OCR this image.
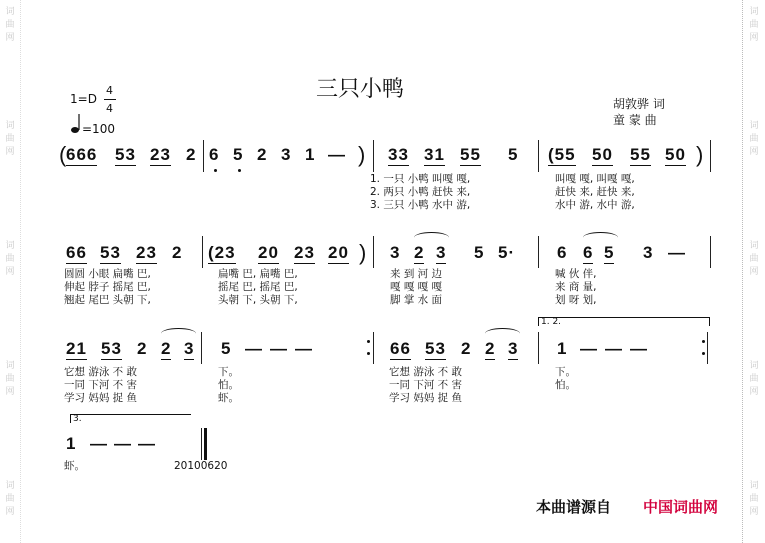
词曲网
词曲网
词曲网
词曲网
词曲网
词曲网
词曲网
词曲网
词曲网
词曲网
三只小鸭
1=D
4
4
=100
胡敦骅 词
童 蒙 曲
( 666 53 23 2 6 5 2 3 1 — ) 33 31 55 5 (55 50 55 50 )
1. 一只 小鸭 叫嘎 嘎,
2. 两只 小鸭 赶快 来,
3. 三只 小鸭 水中 游,
叫嘎 嘎, 叫嘎 嘎,
赶快 来, 赶快 来,
水中 游, 水中 游,
66 53 23 2 (23 20 23 20 ) 3 2 3 5 5· 6 6 5 3 —
圆圆 小眼 扁嘴 巴,
伸起 脖子 摇尾 巴,
翘起 尾巴 头朝 下,
扁嘴 巴, 扁嘴 巴,
摇尾 巴, 摇尾 巴,
头朝 下, 头朝 下,
来 到 河 边
嘎 嘎 嘎 嘎
脚 掌 水 面
喊 伙 伴,
来 商 量,
划 呀 划,
1. 2.
21 53 2 2 3 5 — — —	66 53 2 2 3 1 — — —
它想 游泳 不 敢
一同 下河 不 害
学习 妈妈 捉 鱼
下。
怕。
虾。
它想 游泳 不 敢
一同 下河 不 害
学习 妈妈 捉 鱼
下。
怕。
3.
1 — — —
虾。	20100620
本曲谱源自 中国词曲网
